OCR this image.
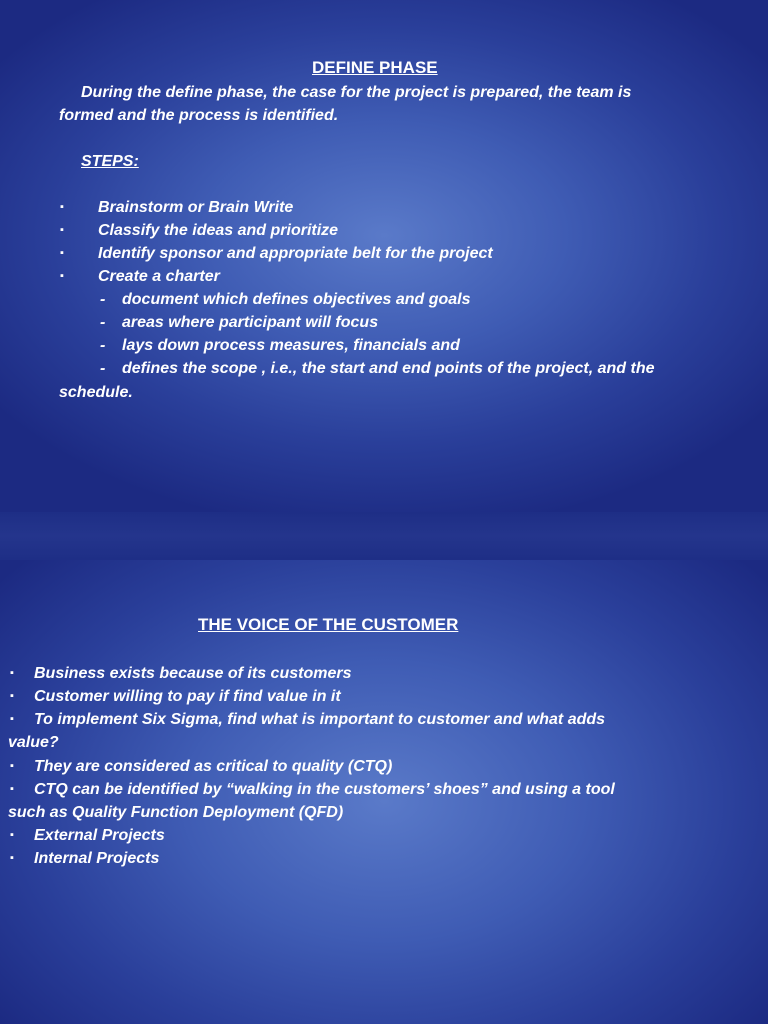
DEFINE PHASE
During the define phase, the case for the project is prepared, the team is
formed and the process is identified.
STEPS:
▪ Brainstorm or Brain Write
▪ Classify the ideas and prioritize
▪ Identify sponsor and appropriate belt for the project
▪ Create a charter
- document which defines objectives and goals
- areas where participant will focus
- lays down process measures, financials and
- defines the scope , i.e., the start and end points of the project, and the
schedule.
THE VOICE OF THE CUSTOMER
▪ Business exists because of its customers
▪ Customer willing to pay if find value in it
▪ To implement Six Sigma, find what is important to customer and what adds
value?
▪ They are considered as critical to quality (CTQ)
▪ CTQ can be identified by “walking in the customers’ shoes” and using a tool
such as Quality Function Deployment (QFD)
▪ External Projects
▪ Internal Projects
